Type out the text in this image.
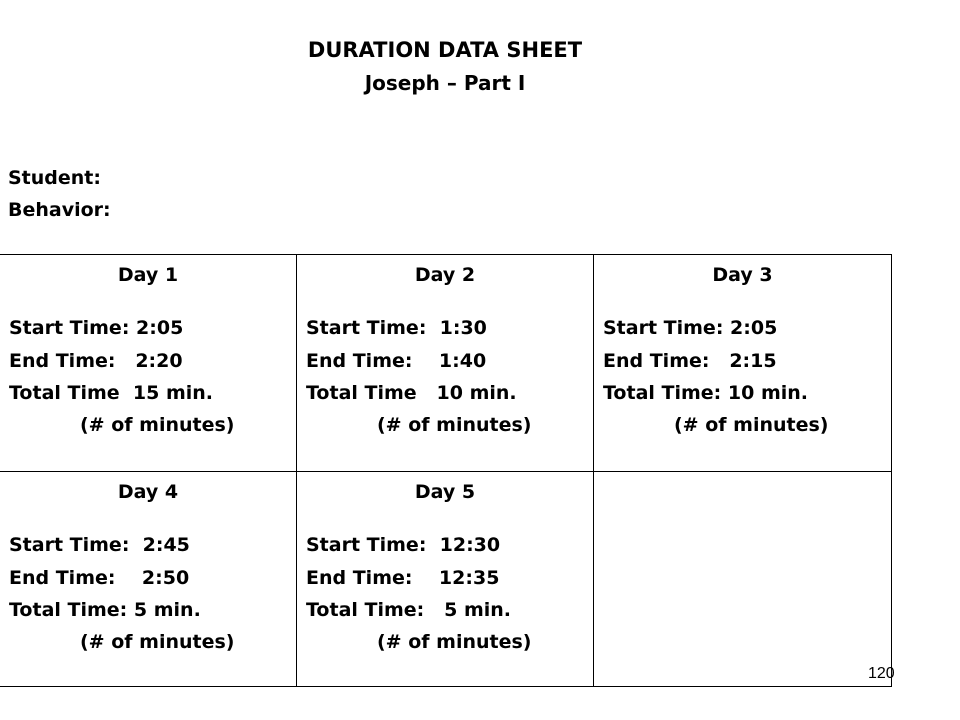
DURATION DATA SHEET
Joseph – Part I
Student:
Behavior:
Day 1
Start Time: 2:05
End Time:   2:20
Total Time  15 min.
(# of minutes)
Day 2
Start Time:  1:30
End Time:    1:40
Total Time   10 min.
(# of minutes)
Day 3
Start Time: 2:05
End Time:   2:15
Total Time: 10 min.
(# of minutes)
Day 4
Start Time:  2:45
End Time:    2:50
Total Time: 5 min.
(# of minutes)
Day 5
Start Time:  12:30
End Time:    12:35
Total Time:   5 min.
(# of minutes)
120
